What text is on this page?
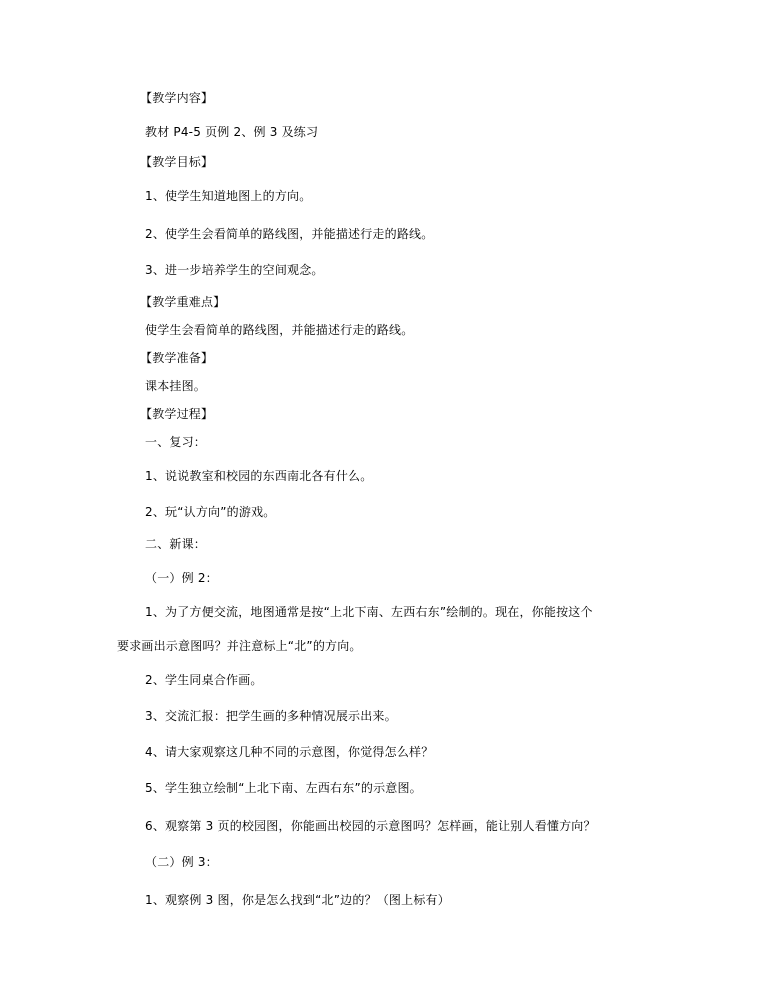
【教学内容】
教材 P4-5 页例 2、例 3 及练习
【教学目标】
1、使学生知道地图上的方向。
2、使学生会看简单的路线图，并能描述行走的路线。
3、进一步培养学生的空间观念。
【教学重难点】
使学生会看简单的路线图，并能描述行走的路线。
【教学准备】
课本挂图。
【教学过程】
一、复习：
1、说说教室和校园的东西南北各有什么。
2、玩“认方向”的游戏。
二、新课：
（一）例 2：
1、为了方便交流，地图通常是按“上北下南、左西右东”绘制的。现在，你能按这个
要求画出示意图吗？并注意标上“北”的方向。
2、学生同桌合作画。
3、交流汇报：把学生画的多种情况展示出来。
4、请大家观察这几种不同的示意图，你觉得怎么样？
5、学生独立绘制“上北下南、左西右东”的示意图。
6、观察第 3 页的校园图，你能画出校园的示意图吗？怎样画，能让别人看懂方向？
（二）例 3：
1、观察例 3 图，你是怎么找到“北”边的？（图上标有）
